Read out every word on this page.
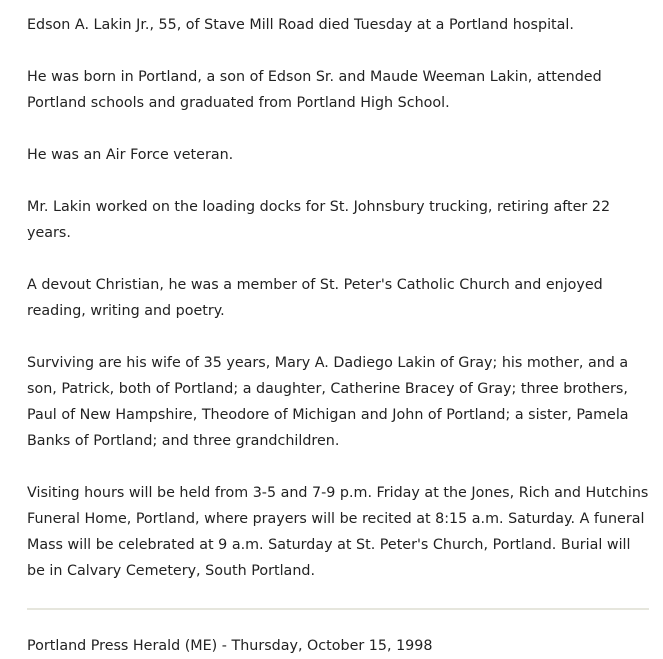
Edson A. Lakin Jr., 55, of Stave Mill Road died Tuesday at a Portland hospital.

He was born in Portland, a son of Edson Sr. and Maude Weeman Lakin, attended Portland schools and graduated from Portland High School.

He was an Air Force veteran.

Mr. Lakin worked on the loading docks for St. Johnsbury trucking, retiring after 22 years.

A devout Christian, he was a member of St. Peter's Catholic Church and enjoyed reading, writing and poetry.

Surviving are his wife of 35 years, Mary A. Dadiego Lakin of Gray; his mother, and a son, Patrick, both of Portland; a daughter, Catherine Bracey of Gray; three brothers, Paul of New Hampshire, Theodore of Michigan and John of Portland; a sister, Pamela Banks of Portland; and three grandchildren.

Visiting hours will be held from 3-5 and 7-9 p.m. Friday at the Jones, Rich and Hutchins Funeral Home, Portland, where prayers will be recited at 8:15 a.m. Saturday. A funeral Mass will be celebrated at 9 a.m. Saturday at St. Peter's Church, Portland. Burial will be in Calvary Cemetery, South Portland.

Portland Press Herald (ME) - Thursday, October 15, 1998
